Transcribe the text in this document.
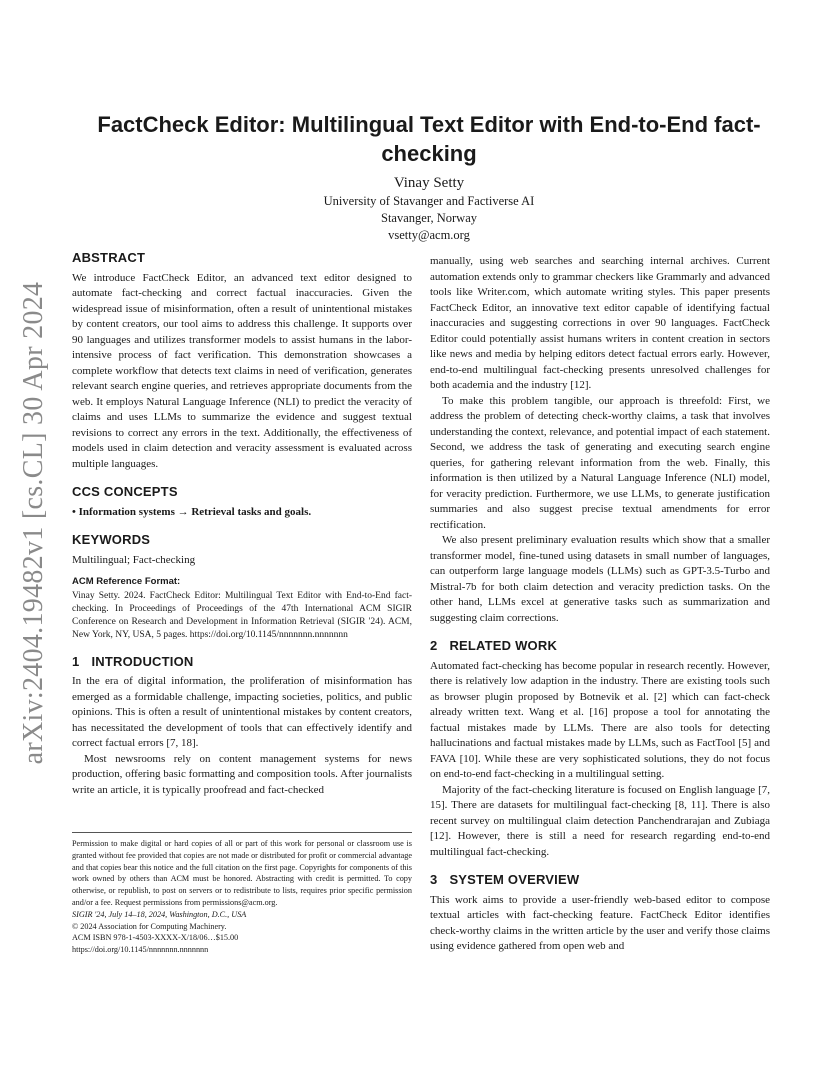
arXiv:2404.19482v1 [cs.CL] 30 Apr 2024
FactCheck Editor: Multilingual Text Editor with End-to-End fact-checking
Vinay Setty
University of Stavanger and Factiverse AI
Stavanger, Norway
vsetty@acm.org
ABSTRACT

We introduce FactCheck Editor, an advanced text editor designed to automate fact-checking and correct factual inaccuracies. Given the widespread issue of misinformation, often a result of unintentional mistakes by content creators, our tool aims to address this challenge. It supports over 90 languages and utilizes transformer models to assist humans in the labor-intensive process of fact verification. This demonstration showcases a complete workflow that detects text claims in need of verification, generates relevant search engine queries, and retrieves appropriate documents from the web. It employs Natural Language Inference (NLI) to predict the veracity of claims and uses LLMs to summarize the evidence and suggest textual revisions to correct any errors in the text. Additionally, the effectiveness of models used in claim detection and veracity assessment is evaluated across multiple languages.

CCS CONCEPTS

• Information systems → Retrieval tasks and goals.

KEYWORDS

Multilingual; Fact-checking

ACM Reference Format:

Vinay Setty. 2024. FactCheck Editor: Multilingual Text Editor with End-to-End fact-checking. In Proceedings of Proceedings of the 47th International ACM SIGIR Conference on Research and Development in Information Retrieval (SIGIR '24). ACM, New York, NY, USA, 5 pages. https://doi.org/10.1145/nnnnnnn.nnnnnnn

1 INTRODUCTION

In the era of digital information, the proliferation of misinformation has emerged as a formidable challenge, impacting societies, politics, and public opinions. This is often a result of unintentional mistakes by content creators, has necessitated the development of tools that can effectively identify and correct factual errors [7, 18].

Most newsrooms rely on content management systems for news production, offering basic formatting and composition tools. After journalists write an article, it is typically proofread and fact-checked

Permission to make digital or hard copies of all or part of this work for personal or classroom use is granted without fee provided that copies are not made or distributed for profit or commercial advantage and that copies bear this notice and the full citation on the first page. Copyrights for components of this work owned by others than ACM must be honored. Abstracting with credit is permitted. To copy otherwise, or republish, to post on servers or to redistribute to lists, requires prior specific permission and/or a fee. Request permissions from permissions@acm.org.
SIGIR '24, July 14–18, 2024, Washington, D.C., USA
© 2024 Association for Computing Machinery.
ACM ISBN 978-1-4503-XXXX-X/18/06…$15.00
https://doi.org/10.1145/nnnnnnn.nnnnnnn

manually, using web searches and searching internal archives. Current automation extends only to grammar checkers like Grammarly and advanced tools like Writer.com, which automate writing styles. This paper presents FactCheck Editor, an innovative text editor capable of identifying factual inaccuracies and suggesting corrections in over 90 languages. FactCheck Editor could potentially assist humans writers in content creation in sectors like news and media by helping editors detect factual errors early. However, end-to-end multilingual fact-checking presents unresolved challenges for both academia and the industry [12].

To make this problem tangible, our approach is threefold: First, we address the problem of detecting check-worthy claims, a task that involves understanding the context, relevance, and potential impact of each statement. Second, we address the task of generating and executing search engine queries, for gathering relevant information from the web. Finally, this information is then utilized by a Natural Language Inference (NLI) model, for veracity prediction. Furthermore, we use LLMs, to generate justification summaries and also suggest precise textual amendments for error rectification.

We also present preliminary evaluation results which show that a smaller transformer model, fine-tuned using datasets in small number of languages, can outperform large language models (LLMs) such as GPT-3.5-Turbo and Mistral-7b for both claim detection and veracity prediction tasks. On the other hand, LLMs excel at generative tasks such as summarization and suggesting claim corrections.

2 RELATED WORK

Automated fact-checking has become popular in research recently. However, there is relatively low adaption in the industry. There are existing tools such as browser plugin proposed by Botnevik et al. [2] which can fact-check already written text. Wang et al. [16] propose a tool for annotating the factual mistakes made by LLMs. There are also tools for detecting hallucinations and factual mistakes made by LLMs, such as FactTool [5] and FAVA [10]. While these are very sophisticated solutions, they do not focus on end-to-end fact-checking in a multilingual setting.

Majority of the fact-checking literature is focused on English language [7, 15]. There are datasets for multilingual fact-checking [8, 11]. There is also recent survey on multilingual claim detection Panchendrarajan and Zubiaga [12]. However, there is still a need for research regarding end-to-end multilingual fact-checking.

3 SYSTEM OVERVIEW

This work aims to provide a user-friendly web-based editor to compose textual articles with fact-checking feature. FactCheck Editor identifies check-worthy claims in the written article by the user and verify those claims using evidence gathered from open web and
